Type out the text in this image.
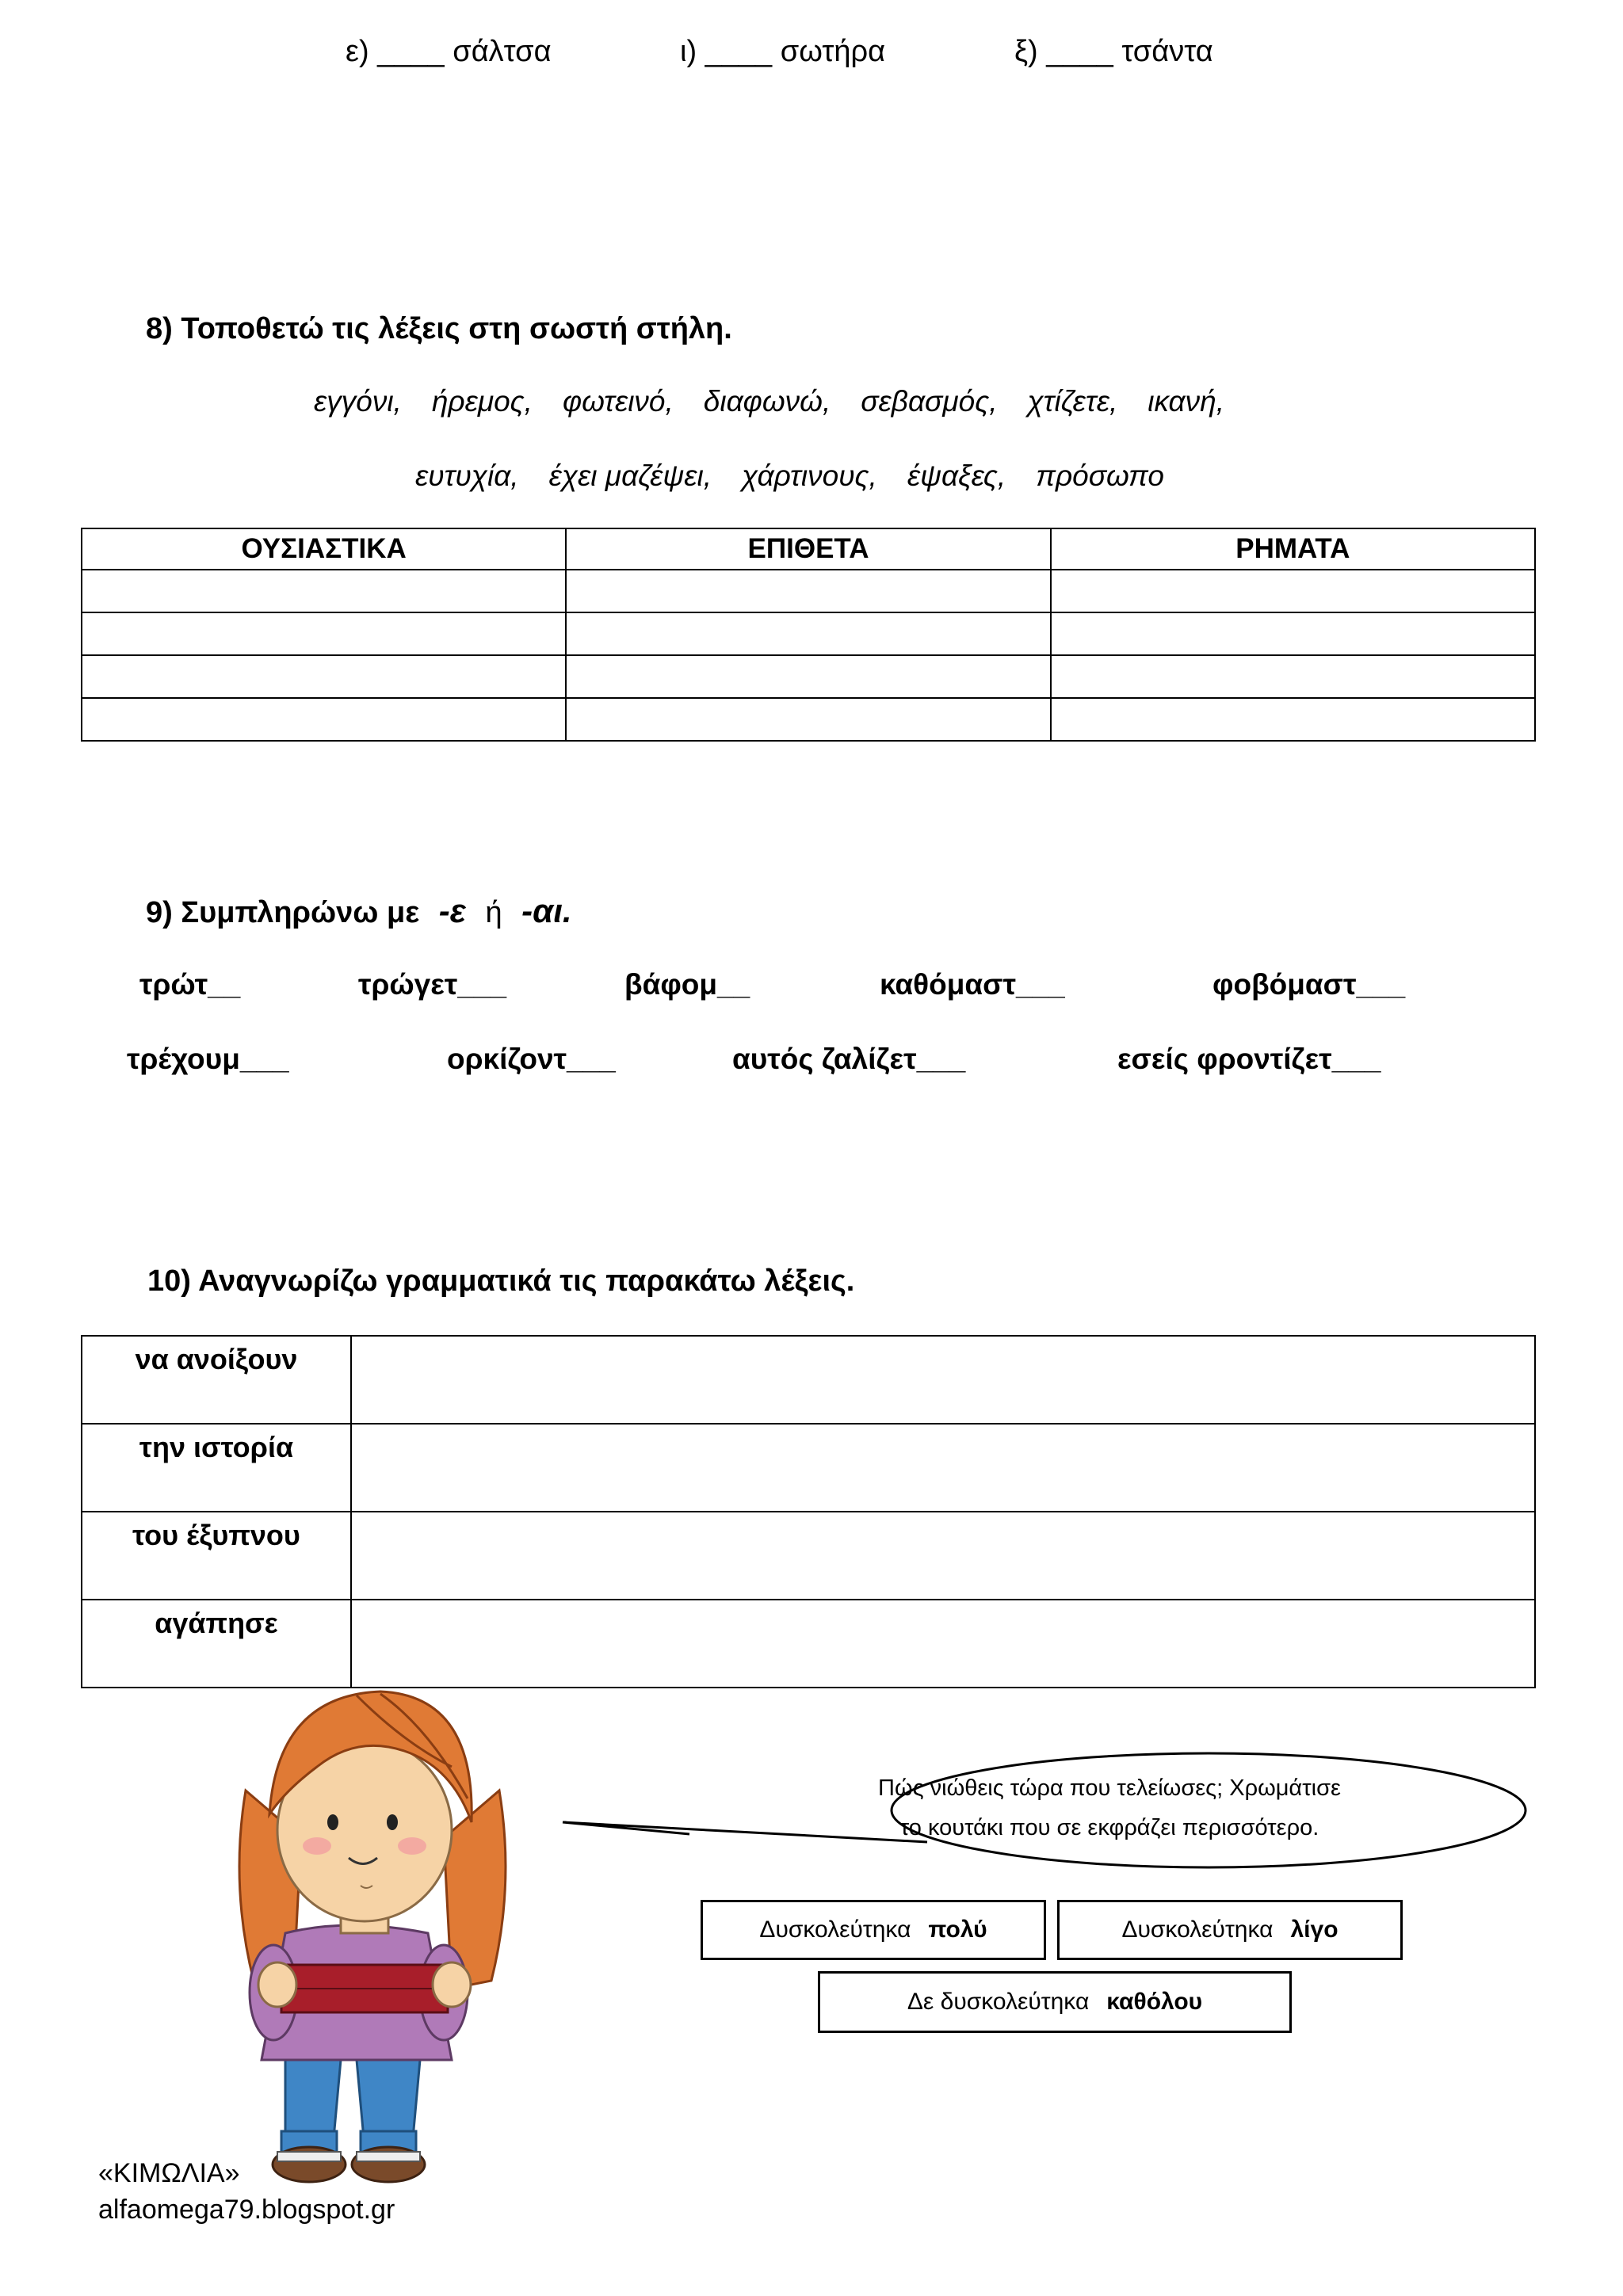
ε) ____ σάλτσα	ι) ____ σωτήρα	ξ) ____ τσάντα
8) Τοποθετώ τις λέξεις στη σωστή στήλη.
εγγόνι, ήρεμος, φωτεινό, διαφωνώ, σεβασμός, χτίζετε, ικανή,
ευτυχία, έχει μαζέψει, χάρτινους, έψαξες, πρόσωπο
ΟΥΣΙΑΣΤΙΚΑ	ΕΠΙΘΕΤΑ	ΡΗΜΑΤΑ

9) Συμπληρώνω με -ε ή -αι.
τρώτ__	τρώγετ___	βάφομ__	καθόμαστ___	φοβόμαστ___
τρέχουμ___	ορκίζοντ___	αυτός ζαλίζετ___	εσείς φροντίζετ___
10) Αναγνωρίζω γραμματικά τις παρακάτω λέξεις.
να ανοίξουν	
την ιστορία	
του έξυπνου	
αγάπησε	
Πώς νιώθεις τώρα που τελείωσες; Χρωμάτισε
το κουτάκι που σε εκφράζει περισσότερο.
Δυσκολεύτηκα πολύ	Δυσκολεύτηκα λίγο
Δε δυσκολεύτηκα καθόλου
«ΚΙΜΩΛΙΑ»
alfaomega79.blogspot.gr
